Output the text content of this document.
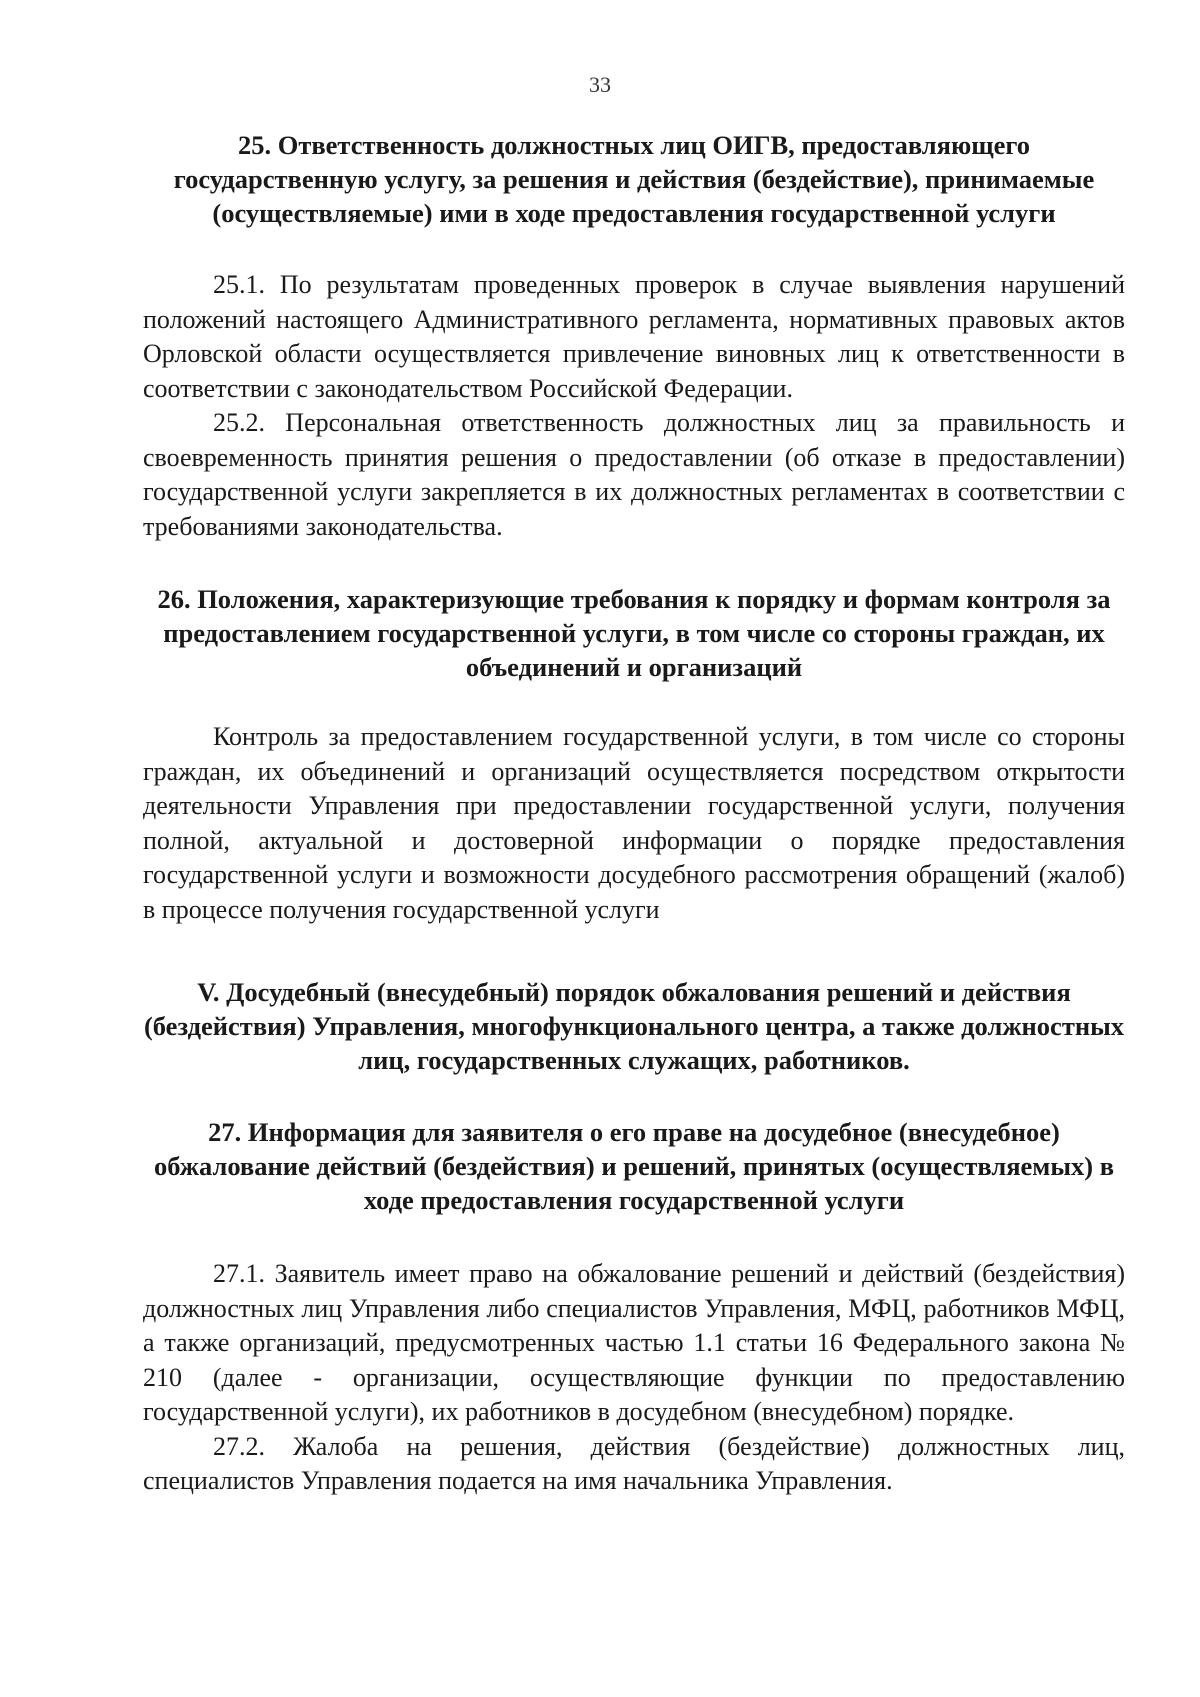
33

25. Ответственность должностных лиц ОИГВ, предоставляющего государственную услугу, за решения и действия (бездействие), принимаемые (осуществляемые) ими в ходе предоставления государственной услуги

25.1. По результатам проведенных проверок в случае выявления нарушений положений настоящего Административного регламента, нормативных правовых актов Орловской области осуществляется привлечение виновных лиц к ответственности в соответствии с законодательством Российской Федерации.

25.2. Персональная ответственность должностных лиц за правильность и своевременность принятия решения о предоставлении (об отказе в предоставлении) государственной услуги закрепляется в их должностных регламентах в соответствии с требованиями законодательства.

26. Положения, характеризующие требования к порядку и формам контроля за предоставлением государственной услуги, в том числе со стороны граждан, их объединений и организаций

Контроль за предоставлением государственной услуги, в том числе со стороны граждан, их объединений и организаций осуществляется посредством открытости деятельности Управления при предоставлении государственной услуги, получения полной, актуальной и достоверной информации о порядке предоставления государственной услуги и возможности досудебного рассмотрения обращений (жалоб) в процессе получения государственной услуги

V. Досудебный (внесудебный) порядок обжалования решений и действия (бездействия) Управления, многофункционального центра, а также должностных лиц, государственных служащих, работников.

27. Информация для заявителя о его праве на досудебное (внесудебное) обжалование действий (бездействия) и решений, принятых (осуществляемых) в ходе предоставления государственной услуги

27.1. Заявитель имеет право на обжалование решений и действий (бездействия) должностных лиц Управления либо специалистов Управления, МФЦ, работников МФЦ, а также организаций, предусмотренных частью 1.1 статьи 16 Федерального закона № 210 (далее - организации, осуществляющие функции по предоставлению государственной услуги), их работников в досудебном (внесудебном) порядке.

27.2. Жалоба на решения, действия (бездействие) должностных лиц, специалистов Управления подается на имя начальника Управления.
